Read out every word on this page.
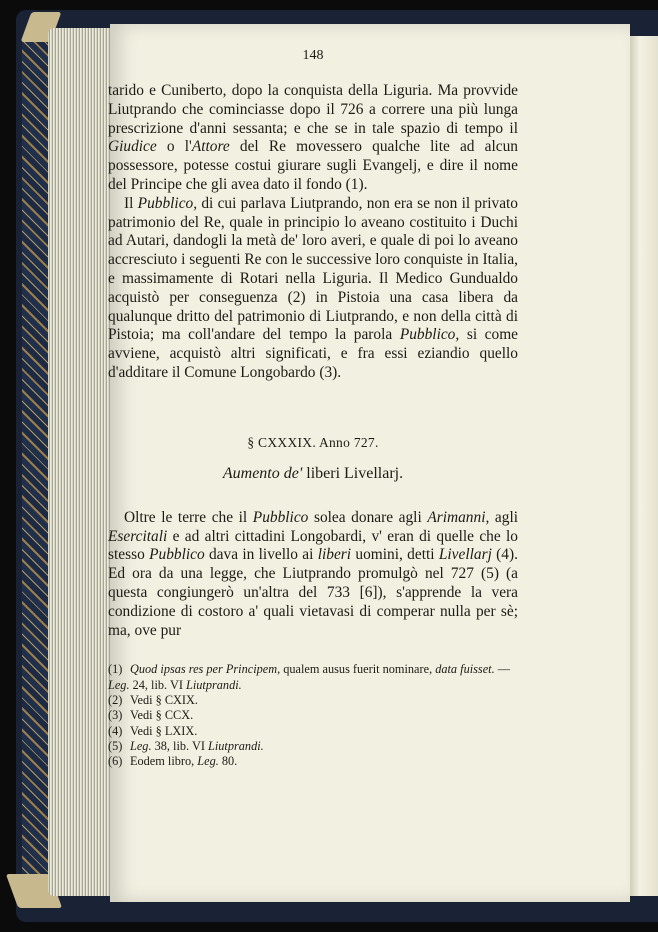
148

tarido e Cuniberto, dopo la conquista della Liguria. Ma provvide Liutprando che cominciasse dopo il 726 a correre una più lunga prescrizione d'anni sessanta; e che se in tale spazio di tempo il Giudice o l'Attore del Re movessero qualche lite ad alcun possessore, potesse costui giurare sugli Evangelj, e dire il nome del Principe che gli avea dato il fondo (1).

Il Pubblico, di cui parlava Liutprando, non era se non il privato patrimonio del Re, quale in principio lo aveano costituito i Duchi ad Autari, dandogli la metà de' loro averi, e quale di poi lo aveano accresciuto i seguenti Re con le successive loro conquiste in Italia, e massimamente di Rotari nella Liguria. Il Medico Gundualdo acquistò per conseguenza (2) in Pistoia una casa libera da qualunque dritto del patrimonio di Liutprando, e non della città di Pistoia; ma coll'andare del tempo la parola Pubblico, si come avviene, acquistò altri significati, e fra essi eziandio quello d'additare il Comune Longobardo (3).

§ CXXXIX. Anno 727.

Aumento de' liberi Livellarj.

Oltre le terre che il Pubblico solea donare agli Arimanni, agli Esercitali e ad altri cittadini Longobardi, v' eran di quelle che lo stesso Pubblico dava in livello ai liberi uomini, detti Livellarj (4). Ed ora da una legge, che Liutprando promulgò nel 727 (5) (a questa congiungerò un'altra del 733 [6]), s'apprende la vera condizione di costoro a' quali vietavasi di comperar nulla per sè; ma, ove pur

(1) Quod ipsas res per Principem, qualem ausus fuerit nominare, data fuisset. — Leg. 24, lib. VI Liutprandi.

(2) Vedi § CXIX.

(3) Vedi § CCX.

(4) Vedi § LXIX.

(5) Leg. 38, lib. VI Liutprandi.

(6) Eodem libro, Leg. 80.
